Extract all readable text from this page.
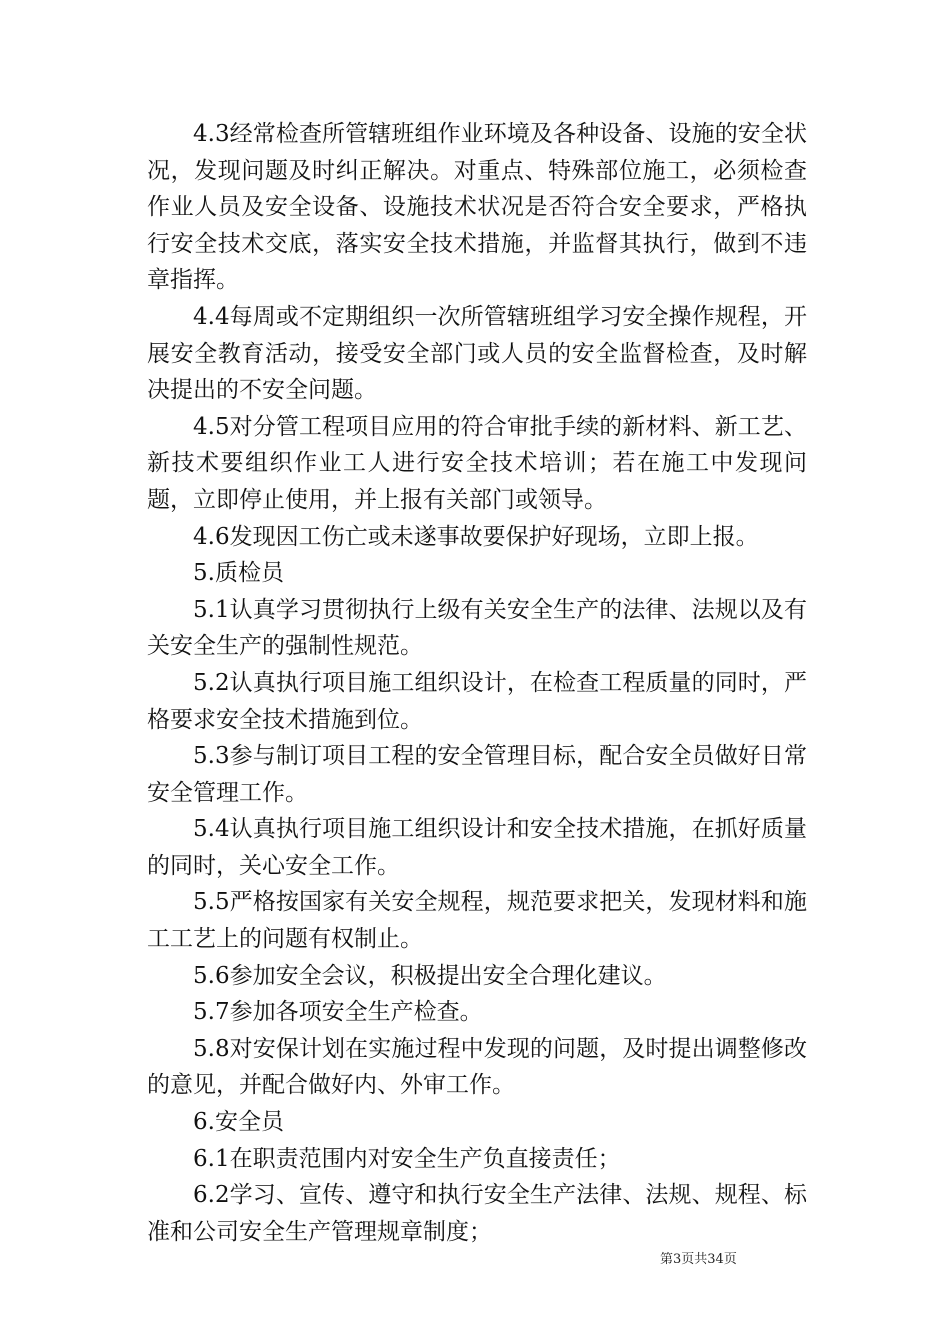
4.3经常检查所管辖班组作业环境及各种设备、设施的安全状况，发现问题及时纠正解决。对重点、特殊部位施工，必须检查作业人员及安全设备、设施技术状况是否符合安全要求，严格执行安全技术交底，落实安全技术措施，并监督其执行，做到不违章指挥。

4.4每周或不定期组织一次所管辖班组学习安全操作规程，开展安全教育活动，接受安全部门或人员的安全监督检查，及时解决提出的不安全问题。

4.5对分管工程项目应用的符合审批手续的新材料、新工艺、新技术要组织作业工人进行安全技术培训；若在施工中发现问题，立即停止使用，并上报有关部门或领导。

4.6发现因工伤亡或未遂事故要保护好现场，立即上报。

5.质检员

5.1认真学习贯彻执行上级有关安全生产的法律、法规以及有关安全生产的强制性规范。

5.2认真执行项目施工组织设计，在检查工程质量的同时，严格要求安全技术措施到位。

5.3参与制订项目工程的安全管理目标，配合安全员做好日常安全管理工作。

5.4认真执行项目施工组织设计和安全技术措施，在抓好质量的同时，关心安全工作。

5.5严格按国家有关安全规程，规范要求把关，发现材料和施工工艺上的问题有权制止。

5.6参加安全会议，积极提出安全合理化建议。

5.7参加各项安全生产检查。

5.8对安保计划在实施过程中发现的问题，及时提出调整修改的意见，并配合做好内、外审工作。

6.安全员

6.1在职责范围内对安全生产负直接责任；

6.2学习、宣传、遵守和执行安全生产法律、法规、规程、标准和公司安全生产管理规章制度；

第3页共34页
